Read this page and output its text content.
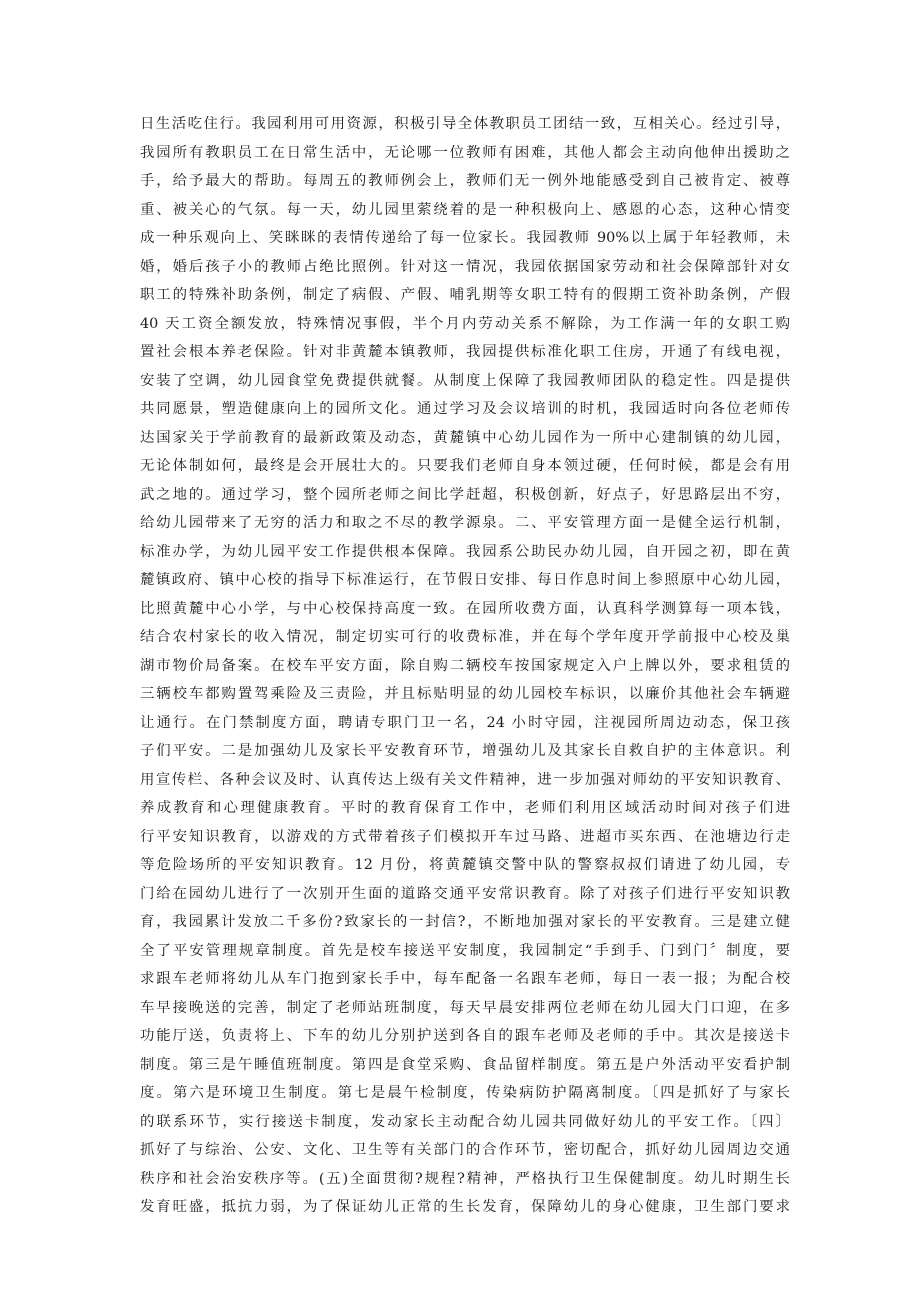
日生活吃住行。我园利用可用资源，积极引导全体教职员工团结一致，互相关心。经过引导，
我园所有教职员工在日常生活中，无论哪一位教师有困难，其他人都会主动向他伸出援助之
手，给予最大的帮助。每周五的教师例会上，教师们无一例外地能感受到自己被肯定、被尊
重、被关心的气氛。每一天，幼儿园里萦绕着的是一种积极向上、感恩的心态，这种心情变
成一种乐观向上、笑眯眯的表情传递给了每一位家长。我园教师 90%以上属于年轻教师，未
婚，婚后孩子小的教师占绝比照例。针对这一情况，我园依据国家劳动和社会保障部针对女
职工的特殊补助条例，制定了病假、产假、哺乳期等女职工特有的假期工资补助条例，产假
40 天工资全额发放，特殊情况事假，半个月内劳动关系不解除，为工作满一年的女职工购
置社会根本养老保险。针对非黄麓本镇教师，我园提供标准化职工住房，开通了有线电视，
安装了空调，幼儿园食堂免费提供就餐。从制度上保障了我园教师团队的稳定性。四是提供
共同愿景，塑造健康向上的园所文化。通过学习及会议培训的时机，我园适时向各位老师传
达国家关于学前教育的最新政策及动态，黄麓镇中心幼儿园作为一所中心建制镇的幼儿园，
无论体制如何，最终是会开展壮大的。只要我们老师自身本领过硬，任何时候，都是会有用
武之地的。通过学习，整个园所老师之间比学赶超，积极创新，好点子，好思路层出不穷，
给幼儿园带来了无穷的活力和取之不尽的教学源泉。二、平安管理方面一是健全运行机制，
标准办学，为幼儿园平安工作提供根本保障。我园系公助民办幼儿园，自开园之初，即在黄
麓镇政府、镇中心校的指导下标准运行，在节假日安排、每日作息时间上参照原中心幼儿园，
比照黄麓中心小学，与中心校保持高度一致。在园所收费方面，认真科学测算每一项本钱，
结合农村家长的收入情况，制定切实可行的收费标准，并在每个学年度开学前报中心校及巢
湖市物价局备案。在校车平安方面，除自购二辆校车按国家规定入户上牌以外，要求租赁的
三辆校车都购置驾乘险及三责险，并且标贴明显的幼儿园校车标识，以廉价其他社会车辆避
让通行。在门禁制度方面，聘请专职门卫一名，24 小时守园，注视园所周边动态，保卫孩
子们平安。二是加强幼儿及家长平安教育环节，增强幼儿及其家长自救自护的主体意识。利
用宣传栏、各种会议及时、认真传达上级有关文件精神，进一步加强对师幼的平安知识教育、
养成教育和心理健康教育。平时的教育保育工作中，老师们利用区域活动时间对孩子们进
行平安知识教育，以游戏的方式带着孩子们模拟开车过马路、进超市买东西、在池塘边行走
等危险场所的平安知识教育。12 月份，将黄麓镇交警中队的警察叔叔们请进了幼儿园，专
门给在园幼儿进行了一次别开生面的道路交通平安常识教育。除了对孩子们进行平安知识教
育，我园累计发放二千多份?致家长的一封信?，不断地加强对家长的平安教育。三是建立健
全了平安管理规章制度。首先是校车接送平安制度，我园制定“手到手、门到门〞制度，要
求跟车老师将幼儿从车门抱到家长手中，每车配备一名跟车老师，每日一表一报；为配合校
车早接晚送的完善，制定了老师站班制度，每天早晨安排两位老师在幼儿园大门口迎，在多
功能厅送，负责将上、下车的幼儿分别护送到各自的跟车老师及老师的手中。其次是接送卡
制度。第三是午睡值班制度。第四是食堂采购、食品留样制度。第五是户外活动平安看护制
度。第六是环境卫生制度。第七是晨午检制度，传染病防护隔离制度。〔四是抓好了与家长
的联系环节，实行接送卡制度，发动家长主动配合幼儿园共同做好幼儿的平安工作。〔四〕
抓好了与综治、公安、文化、卫生等有关部门的合作环节，密切配合，抓好幼儿园周边交通
秩序和社会治安秩序等。(五)全面贯彻?规程?精神，严格执行卫生保健制度。幼儿时期生长
发育旺盛，抵抗力弱，为了保证幼儿正常的生长发育，保障幼儿的身心健康，卫生部门要求
